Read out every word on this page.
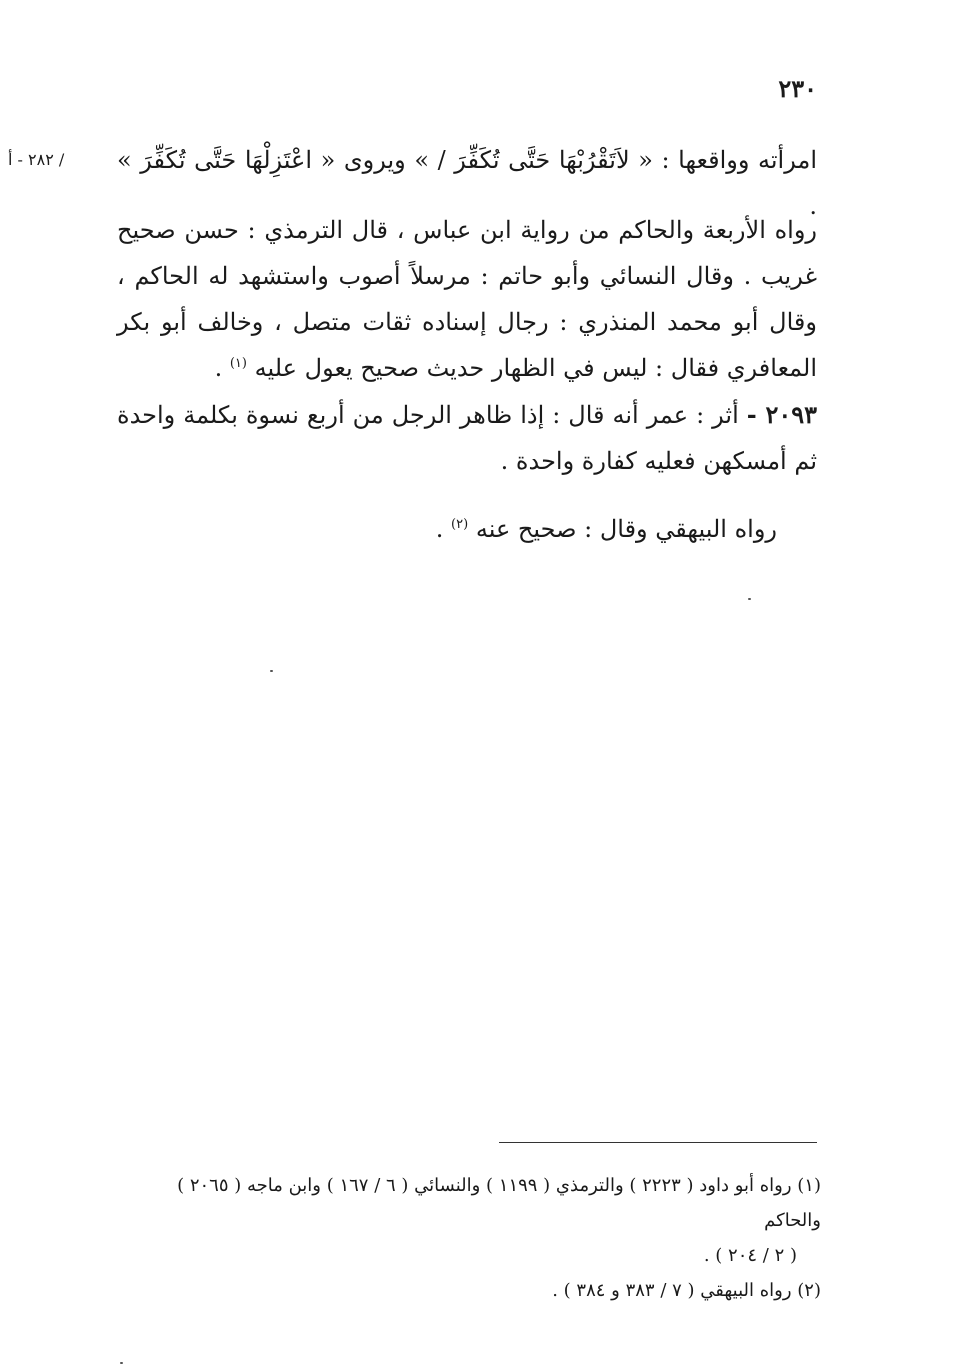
٢٣٠
/ ٢٨٢ - أ امرأته وواقعها : « لاَتَقْرُبْهَا حَتَّى تُكَفِّرَ / » ويروى « اعْتَزِلْهَا حَتَّى تُكَفِّرَ » .

رواه الأربعة والحاكم من رواية ابن عباس ، قال الترمذي : حسن صحيح غريب . وقال النسائي وأبو حاتم : مرسلاً أصوب واستشهد له الحاكم ، وقال أبو محمد المنذري : رجال إسناده ثقات متصل ، وخالف أبو بكر المعافري فقال : ليس في الظهار حديث صحيح يعول عليه $^{(١)}$ .

٢٠٩٣ - أثر : عمر أنه قال : إذا ظاهر الرجل من أربع نسوة بكلمة واحدة ثم أمسكهن فعليه كفارة واحدة .

رواه البيهقي وقال : صحيح عنه $^{(٢)}$ .

(١) رواه أبو داود ( ٢٢٢٣ ) والترمذي ( ١١٩٩ ) والنسائي ( ٦ / ١٦٧ ) وابن ماجه ( ٢٠٦٥ ) والحاكم
( ٢ / ٢٠٤ ) .

(٢) رواه البيهقي ( ٧ / ٣٨٣ و ٣٨٤ ) .
